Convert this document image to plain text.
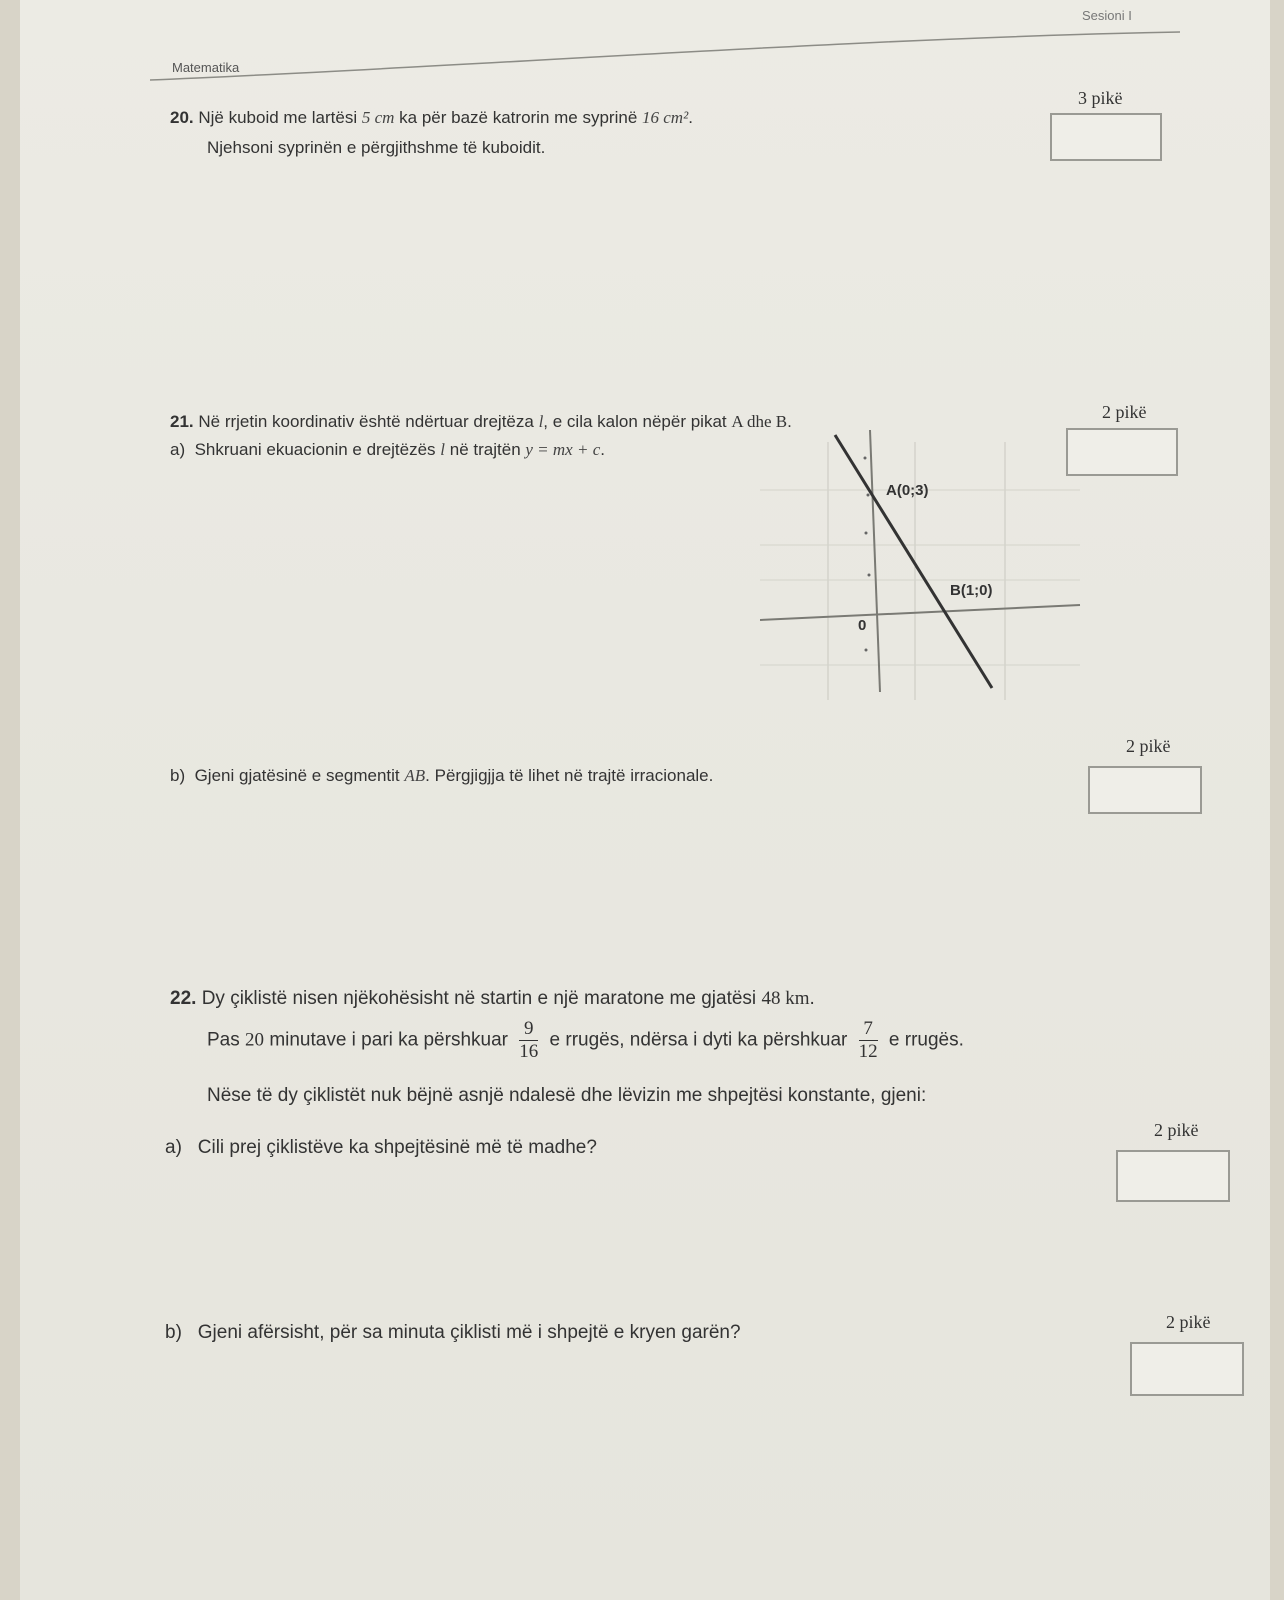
Matematika
Sesioni I
20. Një kuboid me lartësi 5 cm ka për bazë katrorin me syprinë 16 cm².
Njehsoni syprinën e përgjithshme të kuboidit.
3 pikë
21. Në rrjetin koordinativ është ndërtuar drejtëza l, e cila kalon nëpër pikat A dhe B.
a) Shkruani ekuacionin e drejtëzës l në trajtën y = mx + c.
2 pikë
A(0;3)
B(1;0)
0
b) Gjeni gjatësinë e segmentit AB. Përgjigjja të lihet në trajtë irracionale.
2 pikë
22. Dy çiklistë nisen njëkohësisht në startin e një maratone me gjatësi 48 km.
Pas 20 minutave i pari ka përshkuar $\frac{9}{16}$ e rrugës, ndërsa i dyti ka përshkuar $\frac{7}{12}$ e rrugës.
Nëse të dy çiklistët nuk bëjnë asnjë ndalesë dhe lëvizin me shpejtësi konstante, gjeni:
a) Cili prej çiklistëve ka shpejtësinë më të madhe?
2 pikë
b) Gjeni afërsisht, për sa minuta çiklisti më i shpejtë e kryen garën?	2 pikë
